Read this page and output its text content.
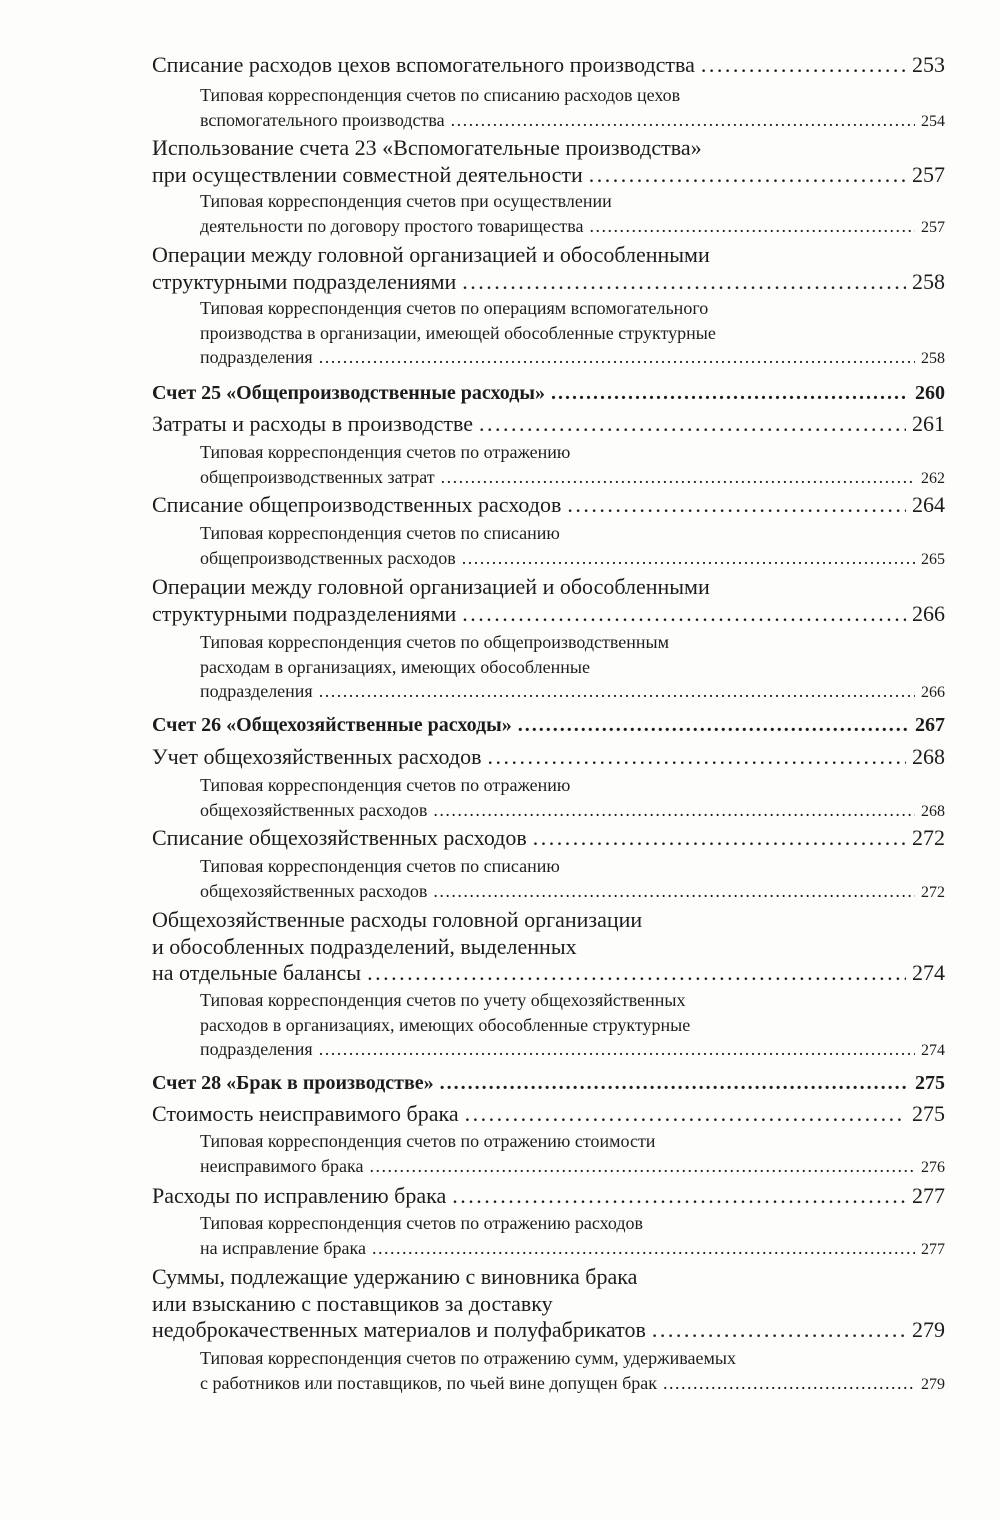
Списание расходов цехов вспомогательного производства . . .	253
Типовая корреспонденция счетов по списанию расходов цехов
вспомогательного производства . . .	254
Использование счета 23 «Вспомогательные производства»
при осуществлении совместной деятельности . . .	257
Типовая корреспонденция счетов при осуществлении
деятельности по договору простого товарищества . . .	257
Операции между головной организацией и обособленными
структурными подразделениями . . .	258
Типовая корреспонденция счетов по операциям вспомогательного
производства в организации, имеющей обособленные структурные
подразделения . . .	258
Счет 25 «Общепроизводственные расходы» . . .	260
Затраты и расходы в производстве . . .	261
Типовая корреспонденция счетов по отражению
общепроизводственных затрат . . .	262
Списание общепроизводственных расходов . . .	264
Типовая корреспонденция счетов по списанию
общепроизводственных расходов . . .	265
Операции между головной организацией и обособленными
структурными подразделениями . . .	266
Типовая корреспонденция счетов по общепроизводственным
расходам в организациях, имеющих обособленные
подразделения . . .	266
Счет 26 «Общехозяйственные расходы» . . .	267
Учет общехозяйственных расходов . . .	268
Типовая корреспонденция счетов по отражению
общехозяйственных расходов . . .	268
Списание общехозяйственных расходов . . .	272
Типовая корреспонденция счетов по списанию
общехозяйственных расходов . . .	272
Общехозяйственные расходы головной организации
и обособленных подразделений, выделенных
на отдельные балансы . . .	274
Типовая корреспонденция счетов по учету общехозяйственных
расходов в организациях, имеющих обособленные структурные
подразделения . . .	274
Счет 28 «Брак в производстве» . . .	275
Стоимость неисправимого брака . . .	275
Типовая корреспонденция счетов по отражению стоимости
неисправимого брака . . .	276
Расходы по исправлению брака . . .	277
Типовая корреспонденция счетов по отражению расходов
на исправление брака . . .	277
Суммы, подлежащие удержанию с виновника брака
или взысканию с поставщиков за доставку
недоброкачественных материалов и полуфабрикатов . . .	279
Типовая корреспонденция счетов по отражению сумм, удерживаемых
с работников или поставщиков, по чьей вине допущен брак . . .	279
